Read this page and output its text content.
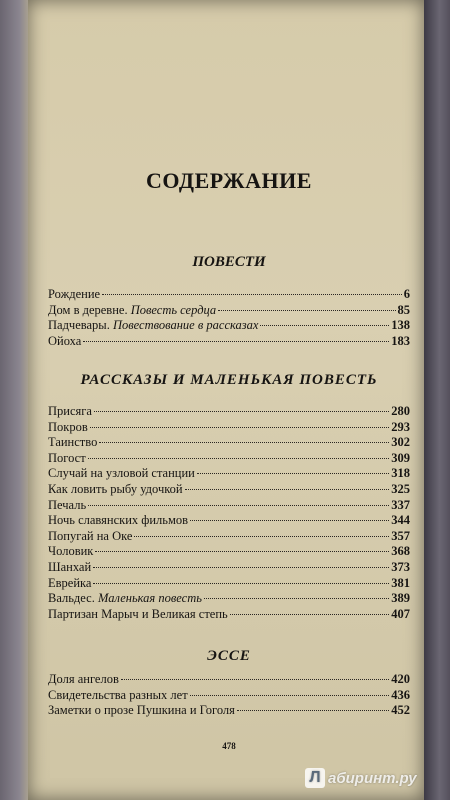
СОДЕРЖАНИЕ
ПОВЕСТИ
Рождение	6
Дом в деревне. Повесть сердца	85
Падчевары. Повествование в рассказах	138
Ойоха	183
РАССКАЗЫ И МАЛЕНЬКАЯ ПОВЕСТЬ
Присяга	280
Покров	293
Таинство	302
Погост	309
Случай на узловой станции	318
Как ловить рыбу удочкой	325
Печаль	337
Ночь славянских фильмов	344
Попугай на Оке	357
Чоловик	368
Шанхай	373
Еврейка	381
Вальдес. Маленькая повесть	389
Партизан Марыч и Великая степь	407
ЭССЕ
Доля ангелов	420
Свидетельства разных лет	436
Заметки о прозе Пушкина и Гоголя	452
478
Л абиринт.ру
